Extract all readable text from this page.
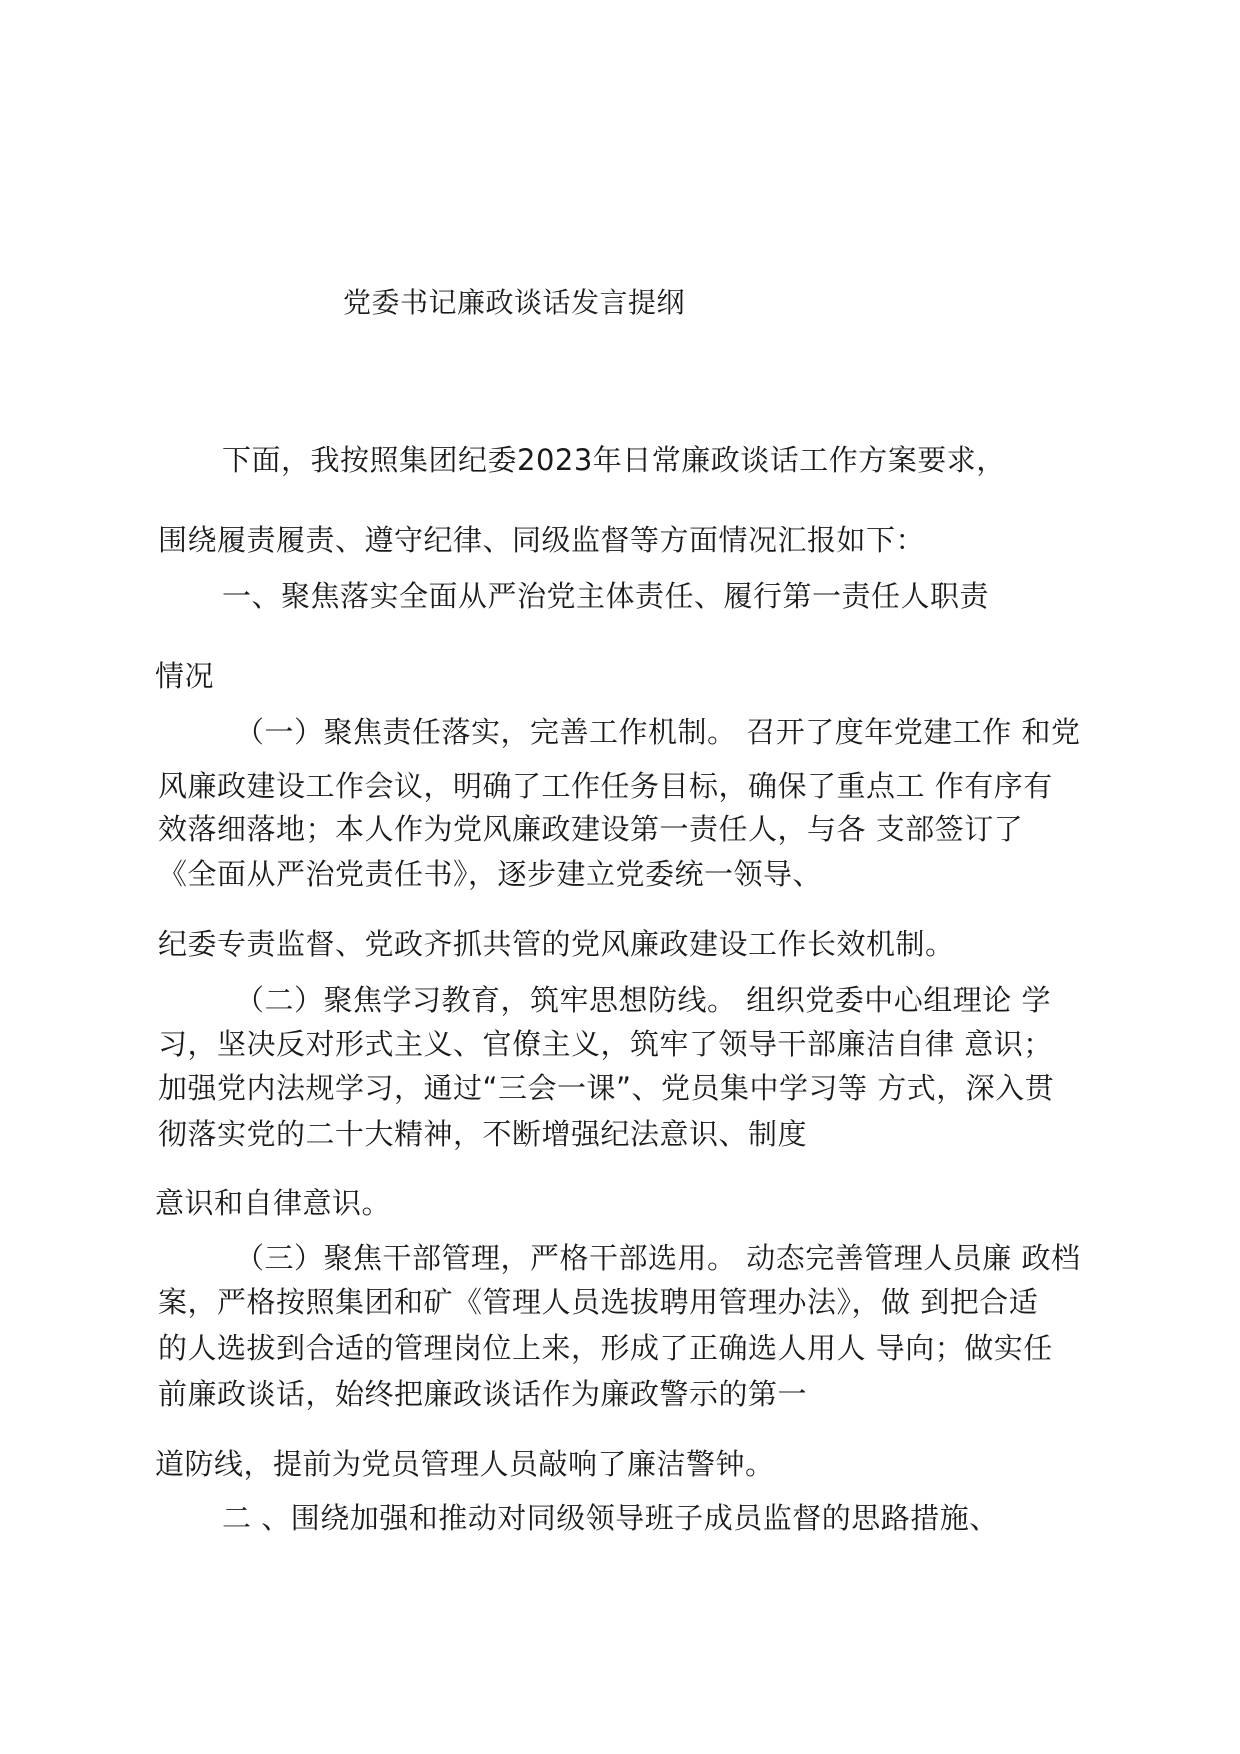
党委书记廉政谈话发言提纲
下面，我按照集团纪委2023年日常廉政谈话工作方案要求，
围绕履责履责、遵守纪律、同级监督等方面情况汇报如下：
一、聚焦落实全面从严治党主体责任、履行第一责任人职责
情况
（一）聚焦责任落实，完善工作机制。 召开了度年党建工作 和党
风廉政建设工作会议，明确了工作任务目标，确保了重点工 作有序有
效落细落地；本人作为党风廉政建设第一责任人，与各 支部签订了
《全面从严治党责任书》，逐步建立党委统一领导、
纪委专责监督、党政齐抓共管的党风廉政建设工作长效机制。
（二）聚焦学习教育，筑牢思想防线。 组织党委中心组理论 学
习，坚决反对形式主义、官僚主义，筑牢了领导干部廉洁自律 意识；
加强党内法规学习，通过“三会一课”、党员集中学习等 方式，深入贯
彻落实党的二十大精神，不断增强纪法意识、制度
意识和自律意识。
（三）聚焦干部管理，严格干部选用。 动态完善管理人员廉 政档
案，严格按照集团和矿《管理人员选拔聘用管理办法》，做 到把合适
的人选拔到合适的管理岗位上来，形成了正确选人用人 导向；做实任
前廉政谈话，始终把廉政谈话作为廉政警示的第一
道防线，提前为党员管理人员敲响了廉洁警钟。
二 、围绕加强和推动对同级领导班子成员监督的思路措施、
